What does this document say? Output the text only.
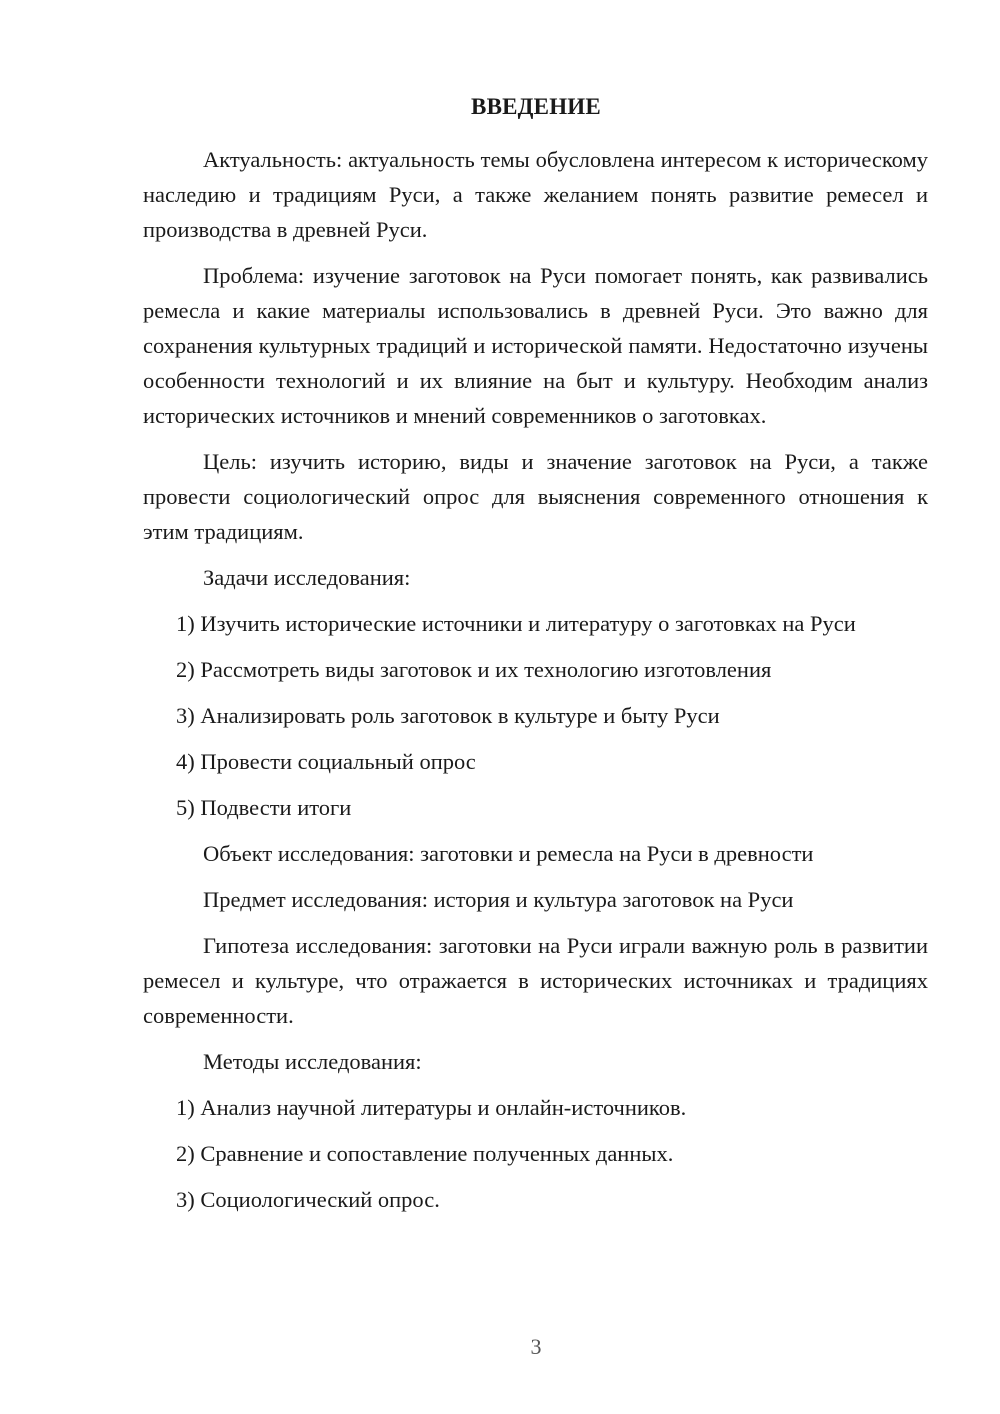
ВВЕДЕНИЕ

Актуальность: актуальность темы обусловлена интересом к историческому наследию и традициям Руси, а также желанием понять развитие ремесел и производства в древней Руси.

Проблема: изучение заготовок на Руси помогает понять, как развивались ремесла и какие материалы использовались в древней Руси. Это важно для сохранения культурных традиций и исторической памяти. Недостаточно изучены особенности технологий и их влияние на быт и культуру. Необходим анализ исторических источников и мнений современников о заготовках.

Цель: изучить историю, виды и значение заготовок на Руси, а также провести социологический опрос для выяснения современного отношения к этим традициям.

Задачи исследования:
1) Изучить исторические источники и литературу о заготовках на Руси
2) Рассмотреть виды заготовок и их технологию изготовления
3) Анализировать роль заготовок в культуре и быту Руси
4) Провести социальный опрос
5) Подвести итоги
Объект исследования: заготовки и ремесла на Руси в древности
Предмет исследования: история и культура заготовок на Руси

Гипотеза исследования: заготовки на Руси играли важную роль в развитии ремесел и культуре, что отражается в исторических источниках и традициях современности.

Методы исследования:
1) Анализ научной литературы и онлайн-источников.
2) Сравнение и сопоставление полученных данных.
3) Социологический опрос.
3
